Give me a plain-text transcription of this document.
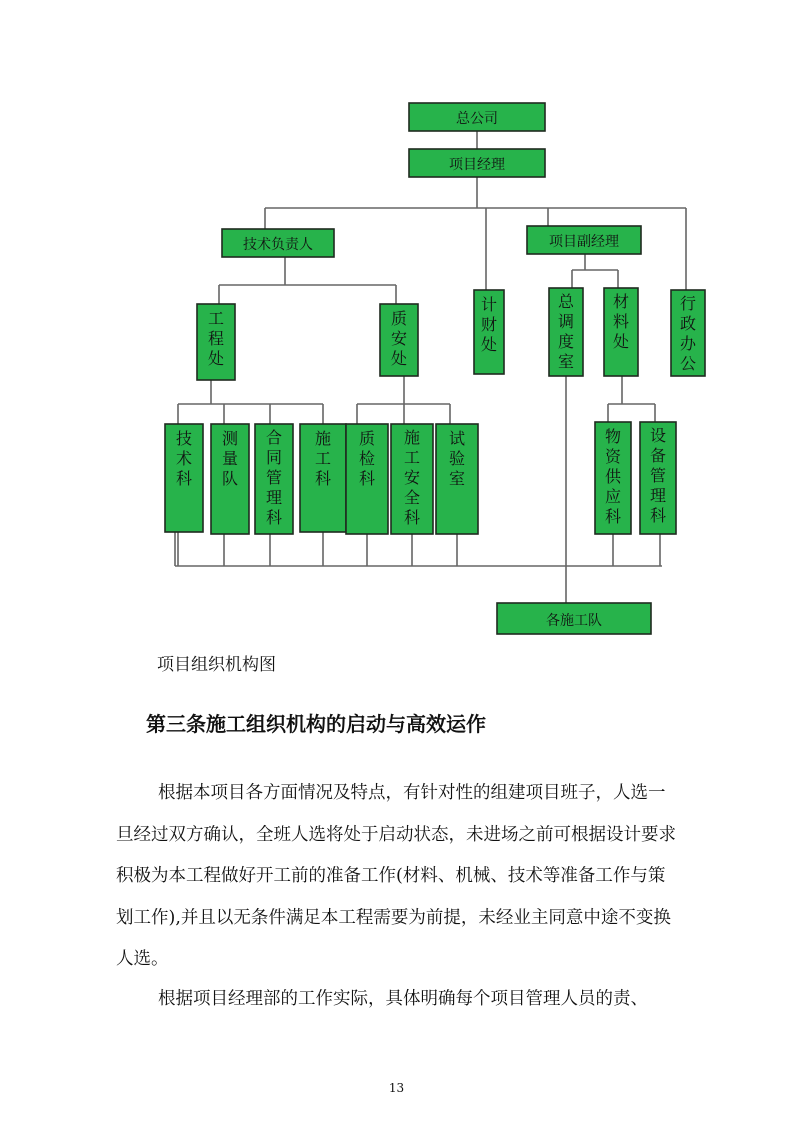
总公司
项目经理
技术负责人	项目副经理
各施工队
工程处
质安处
计财处
总调度室
材料处
行政办公
技术科
测量队
合同管理科
施工科
质检科
施工安全科
试验室
物资供应科
设备管理科
项目组织机构图
第三条施工组织机构的启动与高效运作

根据本项目各方面情况及特点，有针对性的组建项目班子，人选一旦经过双方确认，全班人选将处于启动状态，未进场之前可根据设计要求积极为本工程做好开工前的准备工作(材料、机械、技术等准备工作与策划工作),并且以无条件满足本工程需要为前提，未经业主同意中途不变换人选。

根据项目经理部的工作实际，具体明确每个项目管理人员的责、

13
